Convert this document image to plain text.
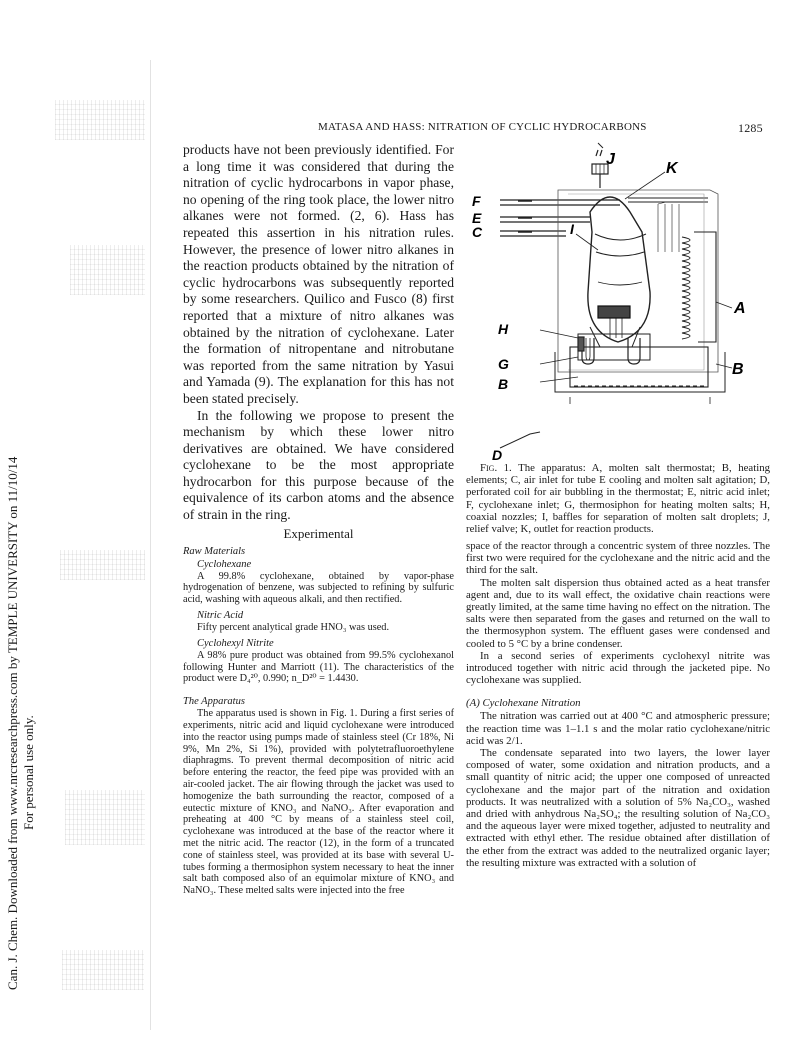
Can. J. Chem. Downloaded from www.nrcresearchpress.com by TEMPLE UNIVERSITY on 11/10/14 For personal use only.
MATASA AND HASS: NITRATION OF CYCLIC HYDROCARBONS	1285

products have not been previously identified. For a long time it was considered that during the nitration of cyclic hydrocarbons in vapor phase, no opening of the ring took place, the lower nitro alkanes were not formed. (2, 6). Hass has repeated this assertion in his nitration rules. However, the presence of lower nitro alkanes in the reaction products obtained by the nitration of cyclic hydrocarbons was subsequently reported by some researchers. Quilico and Fusco (8) first reported that a mixture of nitro alkanes was obtained by the nitration of cyclohexane. Later the formation of nitropentane and nitrobutane was reported from the same nitration by Yasui and Yamada (9). The explanation for this has not been stated precisely.

In the following we propose to present the mechanism by which these lower nitro derivatives are obtained. We have considered cyclohexane to be the most appropriate hydrocarbon for this purpose because of the equivalence of its carbon atoms and the absence of strain in the ring.

Experimental
Raw Materials
Cyclohexane

A 99.8% cyclohexane, obtained by vapor-phase hydrogenation of benzene, was subjected to refining by sulfuric acid, washing with aqueous alkali, and then rectified.

Nitric Acid

Fifty percent analytical grade HNO₃ was used.

Cyclohexyl Nitrite

A 98% pure product was obtained from 99.5% cyclohexanol following Hunter and Marriott (11). The characteristics of the product were D₄²⁰, 0.990; n_D²⁰ = 1.4430.

The Apparatus

The apparatus used is shown in Fig. 1. During a first series of experiments, nitric acid and liquid cyclohexane were introduced into the reactor using pumps made of stainless steel (Cr 18%, Ni 9%, Mn 2%, Si 1%), provided with polytetrafluoroethylene diaphragms. To prevent thermal decomposition of nitric acid before entering the reactor, the feed pipe was provided with an air-cooled jacket. The air flowing through the jacket was used to homogenize the bath surrounding the reactor, composed of a eutectic mixture of KNO₃ and NaNO₃. After evaporation and preheating at 400 °C by means of a stainless steel coil, cyclohexane was introduced at the base of the reactor where it met the nitric acid. The reactor (12), in the form of a truncated cone of stainless steel, was provided at its base with several U-tubes forming a thermosiphon system necessary to heat the inner salt bath composed also of an equimolar mixture of KNO₃ and NaNO₃. These melted salts were injected into the free

J
K
F
E
C	I
A
B
H
G
B
D

Fig. 1. The apparatus: A, molten salt thermostat; B, heating elements; C, air inlet for tube E cooling and molten salt agitation; D, perforated coil for air bubbling in the thermostat; E, nitric acid inlet; F, cyclohexane inlet; G, thermosiphon for heating molten salts; H, coaxial nozzles; I, baffles for separation of molten salt droplets; J, relief valve; K, outlet for reaction products.

space of the reactor through a concentric system of three nozzles. The first two were required for the cyclohexane and the nitric acid and the third for the salt.

The molten salt dispersion thus obtained acted as a heat transfer agent and, due to its wall effect, the oxidative chain reactions were greatly limited, at the same time having no effect on the nitration. The salts were then separated from the gases and returned on the wall to the thermosyphon system. The effluent gases were condensed and cooled to 5 °C by a brine condenser.

In a second series of experiments cyclohexyl nitrite was introduced together with nitric acid through the jacketed pipe. No cyclohexane was supplied.

(A) Cyclohexane Nitration

The nitration was carried out at 400 °C and atmospheric pressure; the reaction time was 1–1.1 s and the molar ratio cyclohexane/nitric acid was 2/1.

The condensate separated into two layers, the lower layer composed of water, some oxidation and nitration products, and a small quantity of nitric acid; the upper one composed of unreacted cyclohexane and the major part of the nitration and oxidation products. It was neutralized with a solution of 5% Na₂CO₃, washed and dried with anhydrous Na₂SO₄; the resulting solution of Na₂CO₃ and the aqueous layer were mixed together, adjusted to neutrality and extracted with ethyl ether. The residue obtained after distillation of the ether from the extract was added to the neutralized organic layer; the resulting mixture was extracted with a solution of
